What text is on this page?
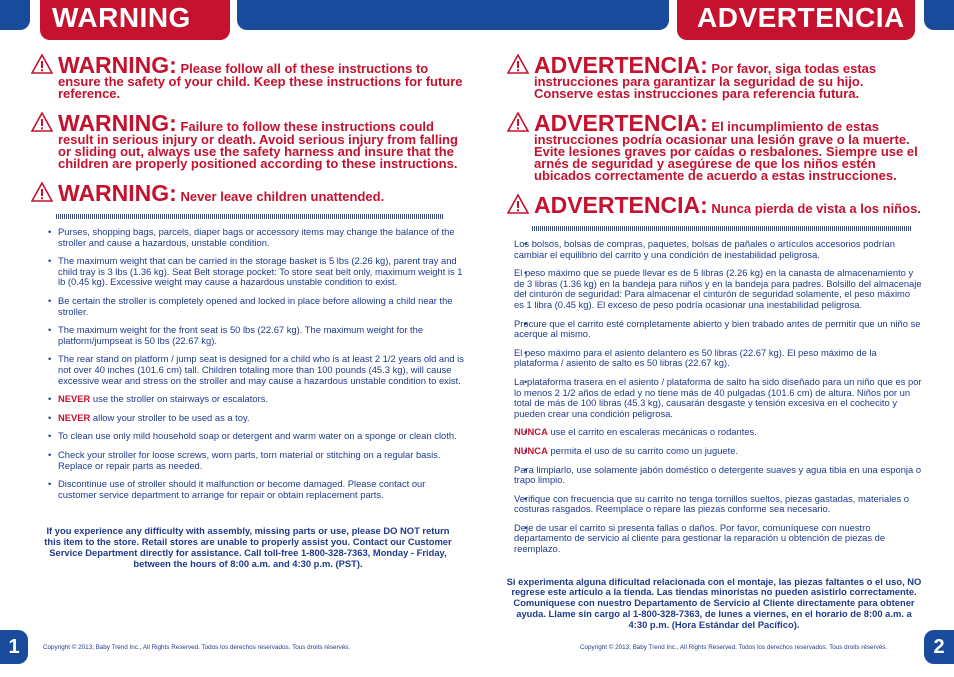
WARNING	ADVERTENCIA
WARNING: Please follow all of these instructions to ensure the safety of your child. Keep these instructions for future reference.
WARNING: Failure to follow these instructions could result in serious injury or death. Avoid serious injury from falling or sliding out, always use the safety harness and insure that the children are properly positioned according to these instructions.
WARNING: Never leave children unattended.
• Purses, shopping bags, parcels, diaper bags or accessory items may change the balance of the stroller and cause a hazardous, unstable condition.
• The maximum weight that can be carried in the storage basket is 5 lbs (2.26 kg), parent tray and child tray is 3 lbs (1.36 kg). Seat Belt storage pocket: To store seat belt only, maximum weight is 1 lb (0.45 kg). Excessive weight may cause a hazardous unstable condition to exist.
• Be certain the stroller is completely opened and locked in place before allowing a child near the stroller.
• The maximum weight for the front seat is 50 lbs (22.67 kg). The maximum weight for the platform/jumpseat is 50 lbs (22.67 kg).
• The rear stand on platform / jump seat is designed for a child who is at least 2 1/2 years old and is not over 40 inches (101.6 cm) tall. Children totaling more than 100 pounds (45.3 kg), will cause excessive wear and stress on the stroller and may cause a hazardous unstable condition to exist.
• NEVER use the stroller on stairways or escalators.
• NEVER allow your stroller to be used as a toy.
• To clean use only mild household soap or detergent and warm water on a sponge or clean cloth.
• Check your stroller for loose screws, worn parts, torn material or stitching on a regular basis. Replace or repair parts as needed.
• Discontinue use of stroller should it malfunction or become damaged. Please contact our customer service department to arrange for repair or obtain replacement parts.
If you experience any difficulty with assembly, missing parts or use, please DO NOT return this item to the store. Retail stores are unable to properly assist you. Contact our Customer Service Department directly for assistance. Call toll-free 1-800-328-7363, Monday - Friday, between the hours of 8:00 a.m. and 4:30 p.m. (PST).
ADVERTENCIA: Por favor, siga todas estas instrucciones para garantizar la seguridad de su hijo. Conserve estas instrucciones para referencia futura.
ADVERTENCIA: El incumplimiento de estas instrucciones podría ocasionar una lesión grave o la muerte. Evite lesiones graves por caídas o resbalones. Siempre use el arnés de seguridad y asegúrese de que los niños estén ubicados correctamente de acuerdo a estas instrucciones.
ADVERTENCIA: Nunca pierda de vista a los niños.
• Los bolsos, bolsas de compras, paquetes, bolsas de pañales o artículos accesorios podrían cambiar el equilibrio del carrito y una condición de inestabilidad peligrosa.
• El peso máximo que se puede llevar es de 5 libras (2.26 kg) en la canasta de almacenamiento y de 3 libras (1.36 kg) en la bandeja para niños y en la bandeja para padres. Bolsillo del almacenaje del cinturón de seguridad: Para almacenar el cinturón de seguridad solamente, el peso máximo es 1 libra (0.45 kg). El exceso de peso podría ocasionar una inestabilidad peligrosa.
• Procure que el carrito esté completamente abierto y bien trabado antes de permitir que un niño se acerque al mismo.
• El peso máximo para el asiento delantero es 50 libras (22.67 kg). El peso máximo de la plataforma / asiento de salto es 50 libras (22.67 kg).
• La plataforma trasera en el asiento / plataforma de salto ha sido diseñado para un niño que es por lo menos 2 1/2 años de edad y no tiene más de 40 pulgadas (101.6 cm) de altura. Niños por un total de más de 100 libras (45.3 kg), causarán desgaste y tensión excesiva en el cochecito y pueden crear una condición peligrosa.
• NUNCA use el carrito en escaleras mecánicas o rodantes.
• NUNCA permita el uso de su carrito como un juguete.
• Para limpiarlo, use solamente jabón doméstico o detergente suaves y agua tibia en una esponja o trapo limpio.
• Verifique con frecuencia que su carrito no tenga tornillos sueltos, piezas gastadas, materiales o costuras rasgados. Reemplace o repare las piezas conforme sea necesario.
• Deje de usar el carrito si presenta fallas o daños. Por favor, comuníquese con nuestro departamento de servicio al cliente para gestionar la reparación u obtención de piezas de reemplazo.
Si experimenta alguna dificultad relacionada con el montaje, las piezas faltantes o el uso, NO regrese este artículo a la tienda. Las tiendas minoristas no pueden asistirlo correctamente. Comuníquese con nuestro Departamento de Servicio al Cliente directamente para obtener ayuda. Llame sin cargo al 1-800-328-7363, de lunes a viernes, en el horario de 8:00 a.m. a 4:30 p.m. (Hora Estándar del Pacífico).
1	Copyright © 2013, Baby Trend Inc., All Rights Reserved. Todos los derechos reservados. Tous droits réservés.	Copyright © 2013, Baby Trend Inc., All Rights Reserved. Todos los derechos reservados. Tous droits réservés.	2
